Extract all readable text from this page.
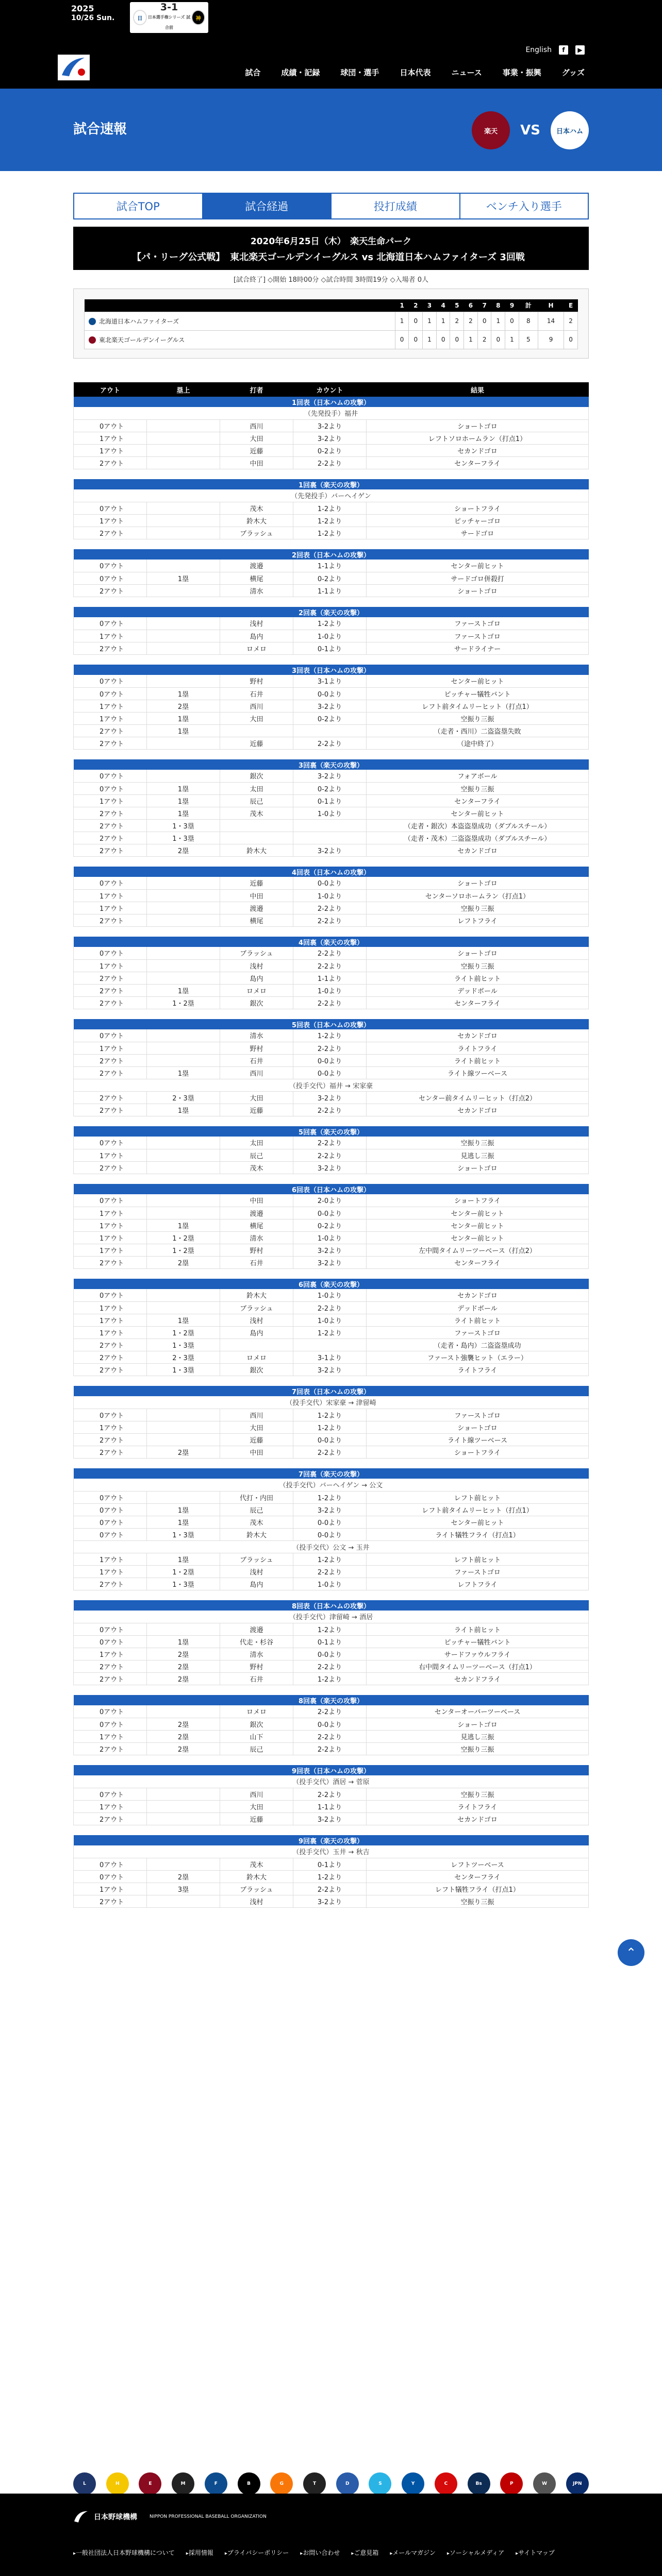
2025
10/26 Sun.	日
3-1
日本選手権シリーズ 試合前
神
English	f	▶
試合	成績・記録	球団・選手	日本代表	ニュース	事業・振興	グッズ
試合速報	楽天	VS	日本ハム
試合TOP	試合経過	投打成績	ベンチ入り選手
2020年6月25日（木）　 楽天生命パーク
【パ・リーグ公式戦】 東北楽天ゴールデンイーグルス vs 北海道日本ハムファイターズ 3回戦
[試合終了] ◇開始 18時00分 ◇試合時間 3時間19分 ◇入場者 0人
	1	2	3	4	5	6	7	8	9	計	H	E
北海道日本ハムファイターズ	1	0	1	1	2	2	0	1	0	8	14	2
東北楽天ゴールデンイーグルス	0	0	1	0	0	1	2	0	1	5	9	0
アウト	塁上	打者	カウント	結果
1回表（日本ハムの攻撃）				
（先発投手）福井				
0アウト		西川	3-2より	ショートゴロ
1アウト		大田	3-2より	レフトソロホームラン（打点1）
1アウト		近藤	0-2より	セカンドゴロ
2アウト		中田	2-2より	センターフライ

1回裏（楽天の攻撃）				
（先発投手）バーヘイゲン				
0アウト		茂木	1-2より	ショートフライ
1アウト		鈴木大	1-2より	ピッチャーゴロ
2アウト		ブラッシュ	1-2より	サードゴロ

2回表（日本ハムの攻撃）				
0アウト		渡邉	1-1より	センター前ヒット
0アウト	1塁	横尾	0-2より	サードゴロ併殺打
2アウト		清水	1-1より	ショートゴロ

2回裏（楽天の攻撃）				
0アウト		浅村	1-2より	ファーストゴロ
1アウト		島内	1-0より	ファーストゴロ
2アウト		ロメロ	0-1より	サードライナー

3回表（日本ハムの攻撃）				
0アウト		野村	3-1より	センター前ヒット
0アウト	1塁	石井	0-0より	ピッチャー犠牲バント
1アウト	2塁	西川	3-2より	レフト前タイムリーヒット（打点1）
1アウト	1塁	大田	0-2より	空振り三振
2アウト	1塁			（走者・西川）二盗盗塁失敗
2アウト		近藤	2-2より	（途中終了）

3回裏（楽天の攻撃）				
0アウト		銀次	3-2より	フォアボール
0アウト	1塁	太田	0-2より	空振り三振
1アウト	1塁	辰己	0-1より	センターフライ
2アウト	1塁	茂木	1-0より	センター前ヒット
2アウト	1・3塁			（走者・銀次）本盗盗塁成功（ダブルスチール）
2アウト	1・3塁			（走者・茂木）二盗盗塁成功（ダブルスチール）
2アウト	2塁	鈴木大	3-2より	セカンドゴロ

4回表（日本ハムの攻撃）				
0アウト		近藤	0-0より	ショートゴロ
1アウト		中田	1-0より	センターソロホームラン（打点1）
1アウト		渡邉	2-2より	空振り三振
2アウト		横尾	2-2より	レフトフライ

4回裏（楽天の攻撃）				
0アウト		ブラッシュ	2-2より	ショートゴロ
1アウト		浅村	2-2より	空振り三振
2アウト		島内	1-1より	ライト前ヒット
2アウト	1塁	ロメロ	1-0より	デッドボール
2アウト	1・2塁	銀次	2-2より	センターフライ

5回表（日本ハムの攻撃）				
0アウト		清水	1-2より	セカンドゴロ
1アウト		野村	2-2より	ライトフライ
2アウト		石井	0-0より	ライト前ヒット
2アウト	1塁	西川	0-0より	ライト線ツーベース
（投手交代）福井 → 宋家豪				
2アウト	2・3塁	大田	3-2より	センター前タイムリーヒット（打点2）
2アウト	1塁	近藤	2-2より	セカンドゴロ

5回裏（楽天の攻撃）				
0アウト		太田	2-2より	空振り三振
1アウト		辰己	2-2より	見逃し三振
2アウト		茂木	3-2より	ショートゴロ

6回表（日本ハムの攻撃）				
0アウト		中田	2-0より	ショートフライ
1アウト		渡邉	0-0より	センター前ヒット
1アウト	1塁	横尾	0-2より	センター前ヒット
1アウト	1・2塁	清水	1-0より	センター前ヒット
1アウト	1・2塁	野村	3-2より	左中間タイムリーツーベース（打点2）
2アウト	2塁	石井	3-2より	センターフライ

6回裏（楽天の攻撃）				
0アウト		鈴木大	1-0より	セカンドゴロ
1アウト		ブラッシュ	2-2より	デッドボール
1アウト	1塁	浅村	1-0より	ライト前ヒット
1アウト	1・2塁	島内	1-2より	ファーストゴロ
2アウト	1・3塁			（走者・島内）二盗盗塁成功
2アウト	2・3塁	ロメロ	3-1より	ファースト強襲ヒット（エラー）
2アウト	1・3塁	銀次	3-2より	ライトフライ

7回表（日本ハムの攻撃）				
（投手交代）宋家豪 → 津留崎				
0アウト		西川	1-2より	ファーストゴロ
1アウト		大田	1-2より	ショートゴロ
2アウト		近藤	0-0より	ライト線ツーベース
2アウト	2塁	中田	2-2より	ショートフライ

7回裏（楽天の攻撃）				
（投手交代）バーヘイゲン → 公文				
0アウト		代打・内田	1-2より	レフト前ヒット
0アウト	1塁	辰己	3-2より	レフト前タイムリーヒット（打点1）
0アウト	1塁	茂木	0-0より	センター前ヒット
0アウト	1・3塁	鈴木大	0-0より	ライト犠牲フライ（打点1）
（投手交代）公文 → 玉井				
1アウト	1塁	ブラッシュ	1-2より	レフト前ヒット
1アウト	1・2塁	浅村	2-2より	ファーストゴロ
2アウト	1・3塁	島内	1-0より	レフトフライ

8回表（日本ハムの攻撃）				
（投手交代）津留崎 → 酒居				
0アウト		渡邉	1-2より	ライト前ヒット
0アウト	1塁	代走・杉谷	0-1より	ピッチャー犠牲バント
1アウト	2塁	清水	0-0より	サードファウルフライ
2アウト	2塁	野村	2-2より	右中間タイムリーツーベース（打点1）
2アウト	2塁	石井	1-2より	セカンドフライ

8回裏（楽天の攻撃）				
0アウト		ロメロ	2-2より	センターオーバーツーベース
0アウト	2塁	銀次	0-0より	ショートゴロ
1アウト	2塁	山下	2-2より	見逃し三振
2アウト	2塁	辰己	2-2より	空振り三振

9回表（日本ハムの攻撃）				
（投手交代）酒居 → 菅原				
0アウト		西川	2-2より	空振り三振
1アウト		大田	1-1より	ライトフライ
2アウト		近藤	3-2より	セカンドゴロ

9回裏（楽天の攻撃）				
（投手交代）玉井 → 秋吉				
0アウト		茂木	0-1より	レフトツーベース
0アウト	2塁	鈴木大	1-2より	センターフライ
1アウト	3塁	ブラッシュ	2-2より	レフト犠牲フライ（打点1）
2アウト		浅村	3-2より	空振り三振
⌃
L	H	E	M	F	B	G	T	D	S	Y	C	Bs	P	W	JPN
日本野球機構	NIPPON PROFESSIONAL BASEBALL ORGANIZATION
▸ 一般社団法人日本野球機構について	▸ 採用情報	▸ プライバシーポリシー	▸ お問い合わせ	▸ ご意見箱	▸ メールマガジン	▸ ソーシャルメディア	▸ サイトマップ
